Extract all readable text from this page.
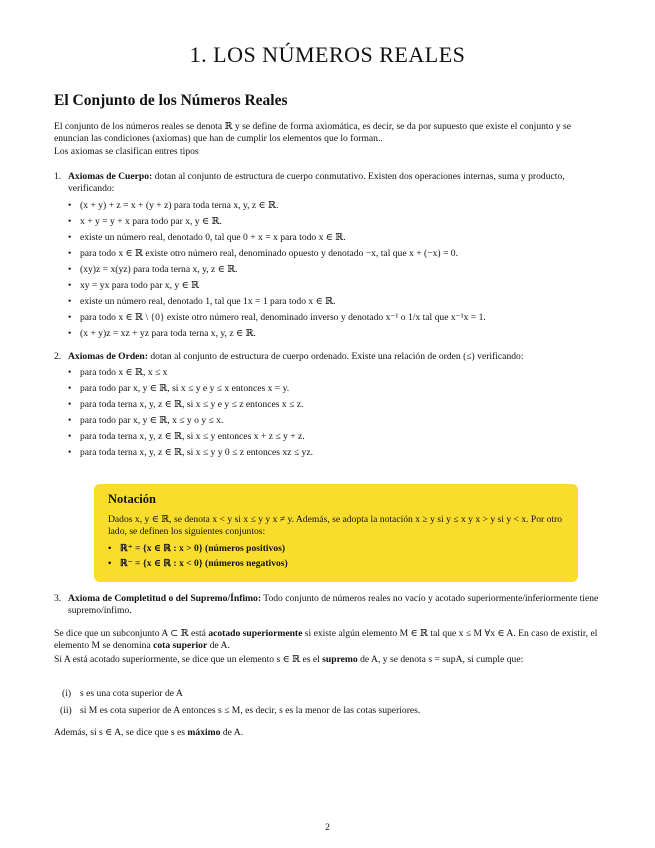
1. LOS NÚMEROS REALES
El Conjunto de los Números Reales

El conjunto de los números reales se denota ℝ y se define de forma axiomática, es decir, se da por supuesto que existe el conjunto y se enuncian las condiciones (axiomas) que han de cumplir los elementos que lo forman..

Los axiomas se clasifican entres tipos

1. Axiomas de Cuerpo: dotan al conjunto de estructura de cuerpo conmutativo. Existen dos operaciones internas, suma y producto, verificando:
• (x + y) + z = x + (y + z) para toda terna x, y, z ∈ ℝ.
• x + y = y + x para todo par x, y ∈ ℝ.
• existe un número real, denotado 0, tal que 0 + x = x para todo x ∈ ℝ.
• para todo x ∈ ℝ existe otro número real, denominado opuesto y denotado −x, tal que x + (−x) = 0.
• (xy)z = x(yz) para toda terna x, y, z ∈ ℝ.
• xy = yx para todo par x, y ∈ ℝ
• existe un número real, denotado 1, tal que 1x = 1 para todo x ∈ ℝ.
• para todo x ∈ ℝ \ {0} existe otro número real, denominado inverso y denotado x⁻¹ o 1/x tal que x⁻¹x = 1.
• (x + y)z = xz + yz para toda terna x, y, z ∈ ℝ.
2. Axiomas de Orden: dotan al conjunto de estructura de cuerpo ordenado. Existe una relación de orden (≤) verificando:
• para todo x ∈ ℝ, x ≤ x
• para todo par x, y ∈ ℝ, si x ≤ y e y ≤ x entonces x = y.
• para toda terna x, y, z ∈ ℝ, si x ≤ y e y ≤ z entonces x ≤ z.
• para todo par x, y ∈ ℝ, x ≤ y o y ≤ x.
• para toda terna x, y, z ∈ ℝ, si x ≤ y entonces x + z ≤ y + z.
• para toda terna x, y, z ∈ ℝ, si x ≤ y y 0 ≤ z entonces xz ≤ yz.
Notación
Dados x, y ∈ ℝ, se denota x < y si x ≤ y y x ≠ y. Además, se adopta la notación x ≥ y si y ≤ x y x > y si y < x. Por otro lado, se definen los siguientes conjuntos:
• ℝ⁺ = {x ∈ ℝ : x > 0} (números positivos)
• ℝ⁻ = {x ∈ ℝ : x < 0} (números negativos)
3. Axioma de Completitud o del Supremo/Ínfimo: Todo conjunto de números reales no vacío y acotado superiormente/inferiormente tiene supremo/ínfimo.

Se dice que un subconjunto A ⊂ ℝ está acotado superiormente si existe algún elemento M ∈ ℝ tal que x ≤ M ∀x ∈ A. En caso de existir, el elemento M se denomina cota superior de A.

Si A está acotado superiormente, se dice que un elemento s ∈ ℝ es el supremo de A, y se denota s = supA, si cumple que:

(i) s es una cota superior de A
(ii) si M es cota superior de A entonces s ≤ M, es decir, s es la menor de las cotas superiores.

Además, si s ∈ A, se dice que s es máximo de A.

2
